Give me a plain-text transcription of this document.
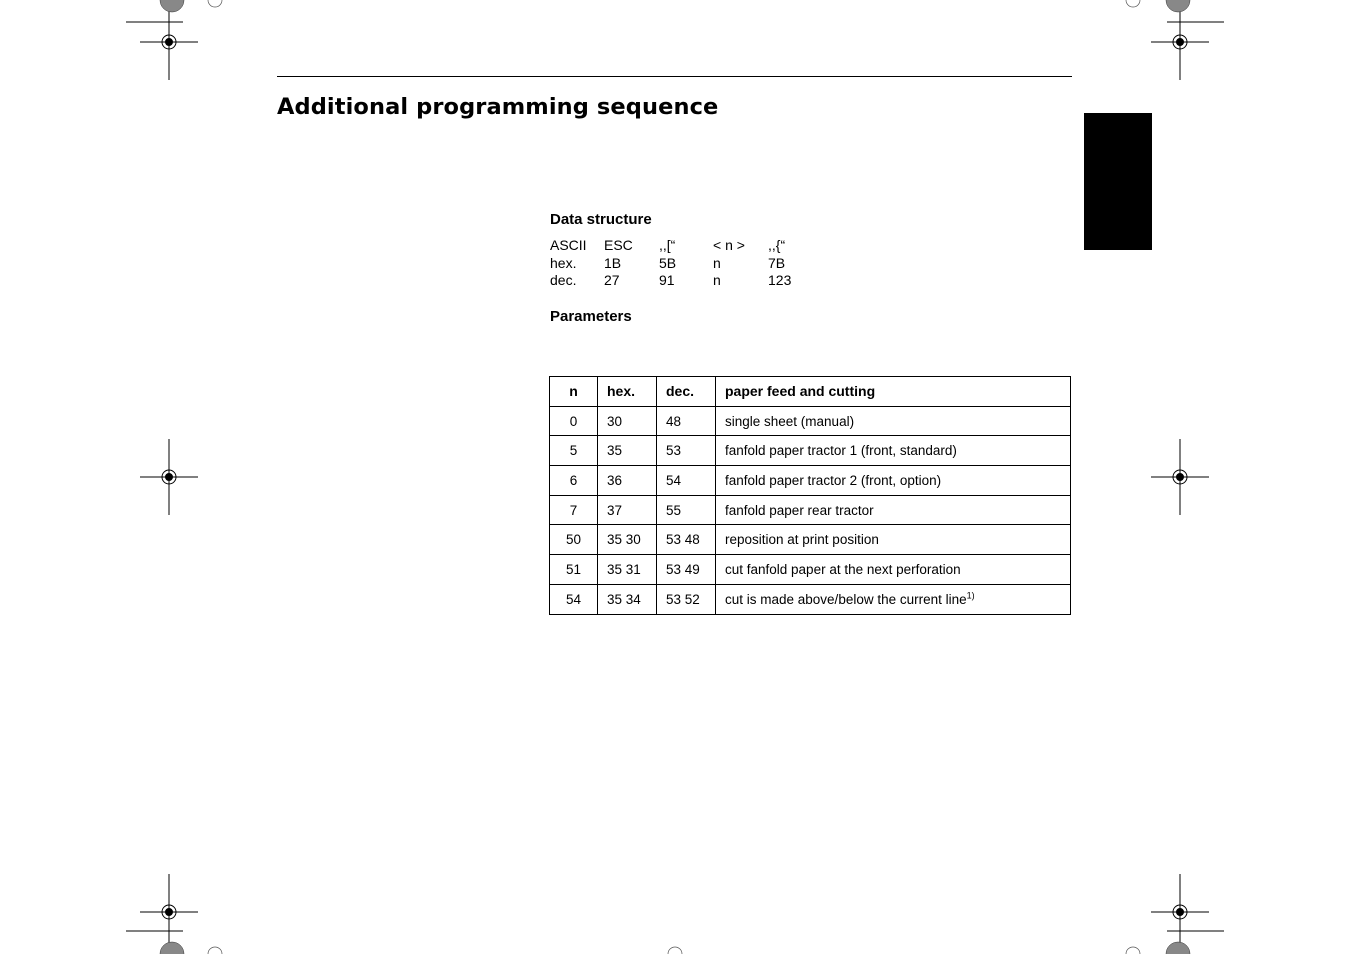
Additional programming sequence
Data structure
ASCII	ESC	,,[“	< n >	,,{“
hex.	1B	5B	n	7B
dec.	27	91	n	123
Parameters
n	hex.	dec.	paper feed and cutting
0	30	48	single sheet (manual)
5	35	53	fanfold paper tractor 1 (front, standard)
6	36	54	fanfold paper tractor 2 (front, option)
7	37	55	fanfold paper rear tractor
50	35 30	53 48	reposition at print position
51	35 31	53 49	cut fanfold paper at the next perforation
54	35 34	53 52	cut is made above/below the current line$^{1)}$
